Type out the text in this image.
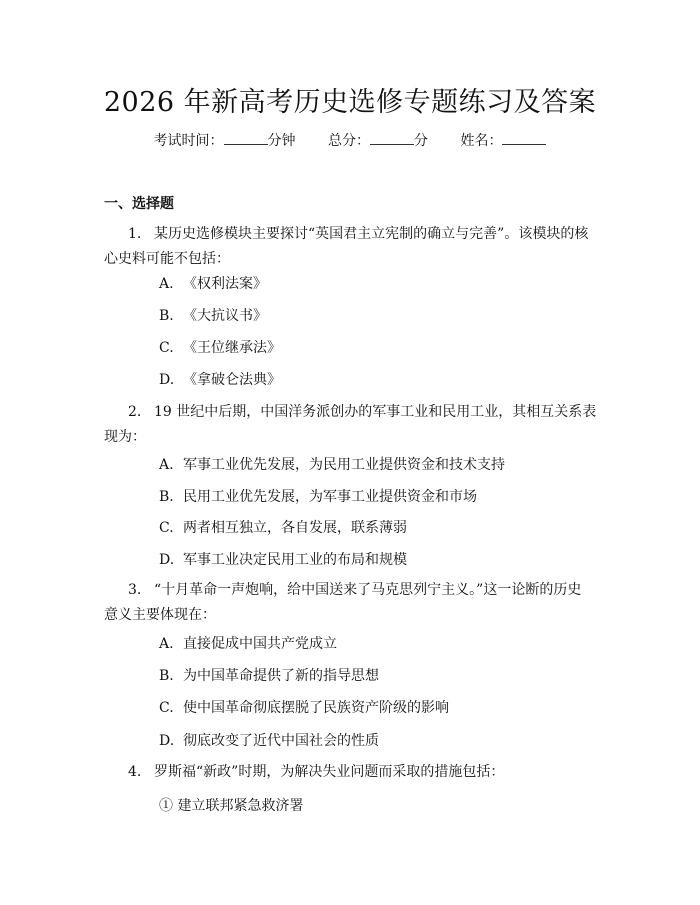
2026 年新高考历史选修专题练习及答案
考试时间：	分钟 总分：	分 姓名：
一、选择题
1. 某历史选修模块主要探讨“英国君主立宪制的确立与完善”。该模块的核
心史料可能不包括：
A. 《权利法案》
B. 《大抗议书》
C. 《王位继承法》
D. 《拿破仑法典》
2. 19 世纪中后期，中国洋务派创办的军事工业和民用工业，其相互关系表
现为：
A. 军事工业优先发展，为民用工业提供资金和技术支持
B. 民用工业优先发展，为军事工业提供资金和市场
C. 两者相互独立，各自发展，联系薄弱
D. 军事工业决定民用工业的布局和规模
3. “十月革命一声炮响，给中国送来了马克思列宁主义。”这一论断的历史
意义主要体现在：
A. 直接促成中国共产党成立
B. 为中国革命提供了新的指导思想
C. 使中国革命彻底摆脱了民族资产阶级的影响
D. 彻底改变了近代中国社会的性质
4. 罗斯福“新政”时期，为解决失业问题而采取的措施包括：
① 建立联邦紧急救济署
